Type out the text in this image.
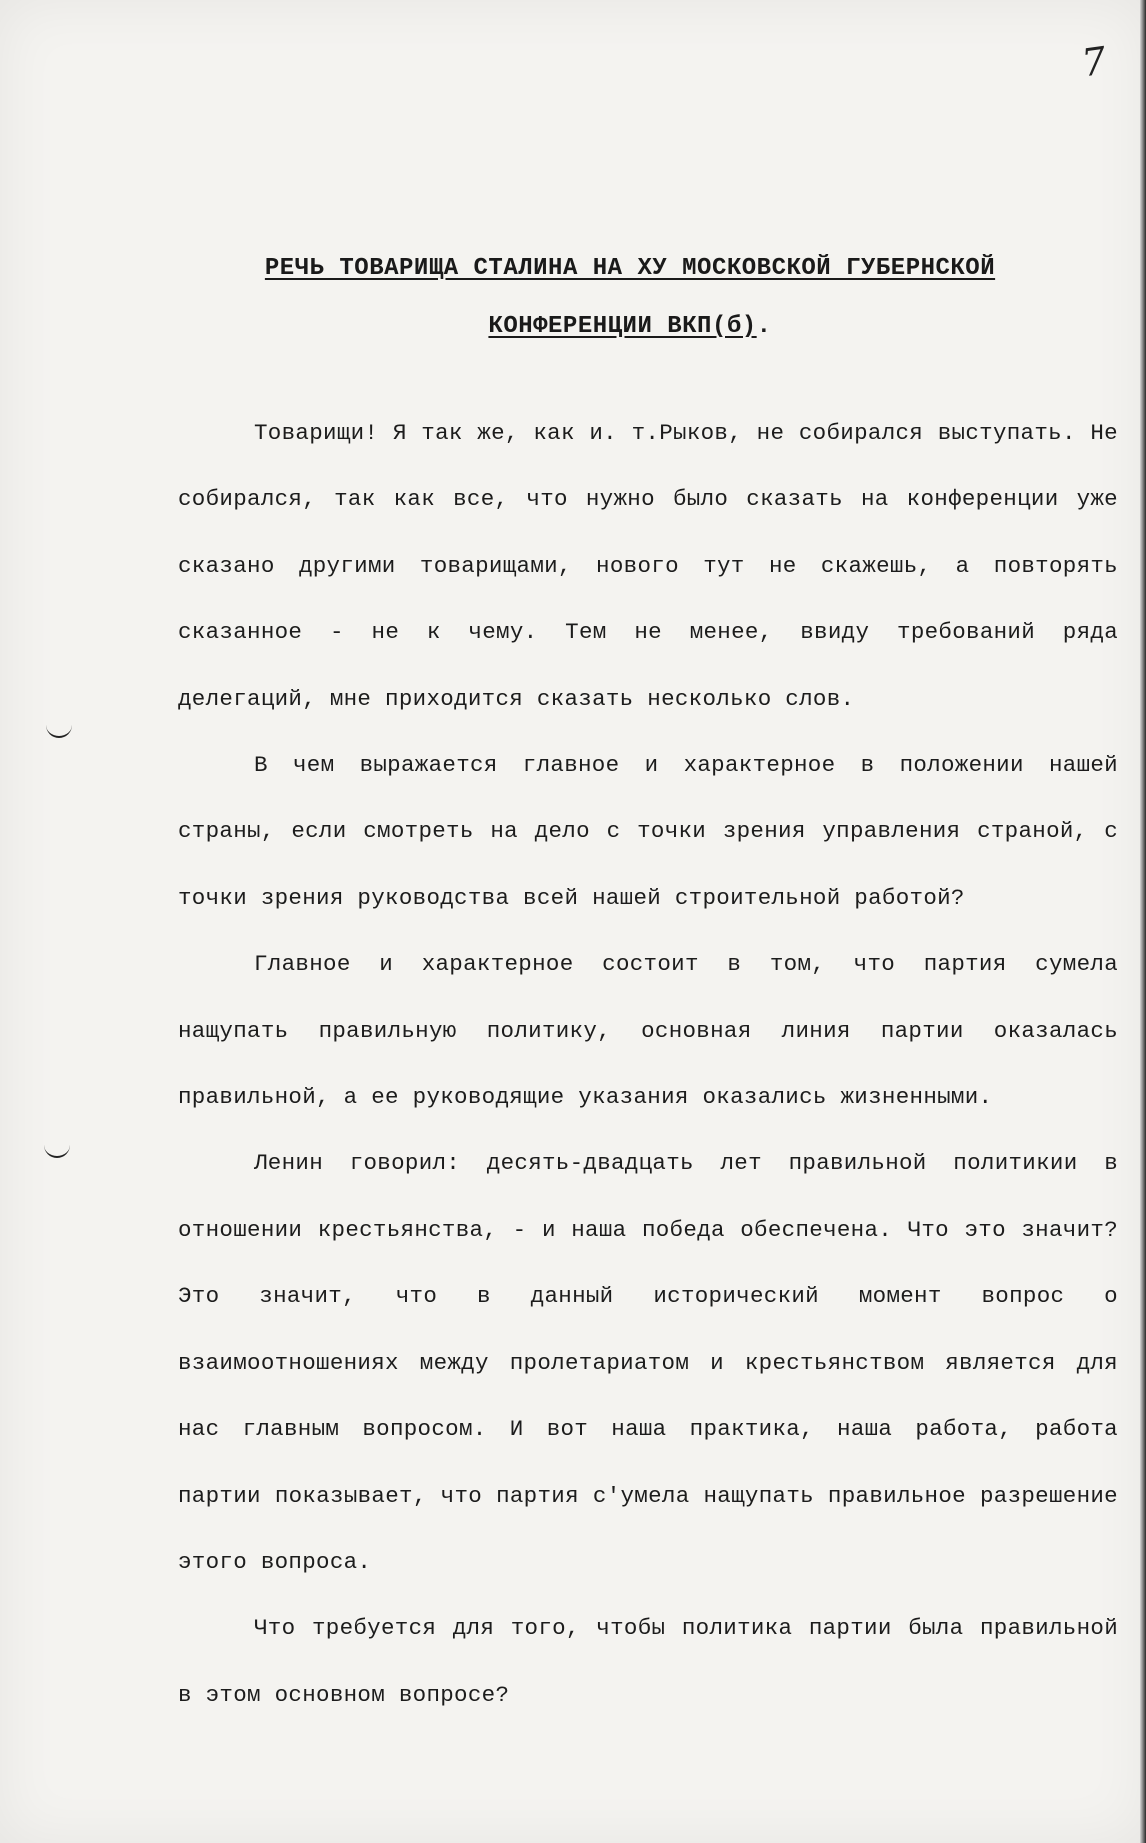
7
РЕЧЬ ТОВАРИЩА СТАЛИНА НА ХУ МОСКОВСКОЙ ГУБЕРНСКОЙ
КОНФЕРЕНЦИИ ВКП(б).

Товарищи! Я так же, как и. т.Рыков, не собирался выступать. Не собирался, так как все, что нужно было сказать на конференции уже сказано другими товарищами, нового тут не скажешь, а повторять сказанное - не к чему. Тем не менее, ввиду требований ряда делегаций, мне приходится сказать несколько слов.

В чем выражается главное и характерное в положении нашей страны, если смотреть на дело с точки зрения управления страной, с точки зрения руководства всей нашей строительной работой?

Главное и характерное состоит в том, что партия сумела нащупать правильную политику, основная линия партии оказалась правильной, а ее руководящие указания оказались жизненными.

Ленин говорил: десять-двадцать лет правильной политикии в отношении крестьянства, - и наша победа обеспечена. Что это значит? Это значит, что в данный исторический момент вопрос о взаимоотношениях между пролетариатом и крестьянством является для нас главным вопросом. И вот наша практика, наша работа, работа партии показывает, что партия с'умела нащупать правильное разрешение этого вопроса.

Что требуется для того, чтобы политика партии была правильной в этом основном вопросе?
